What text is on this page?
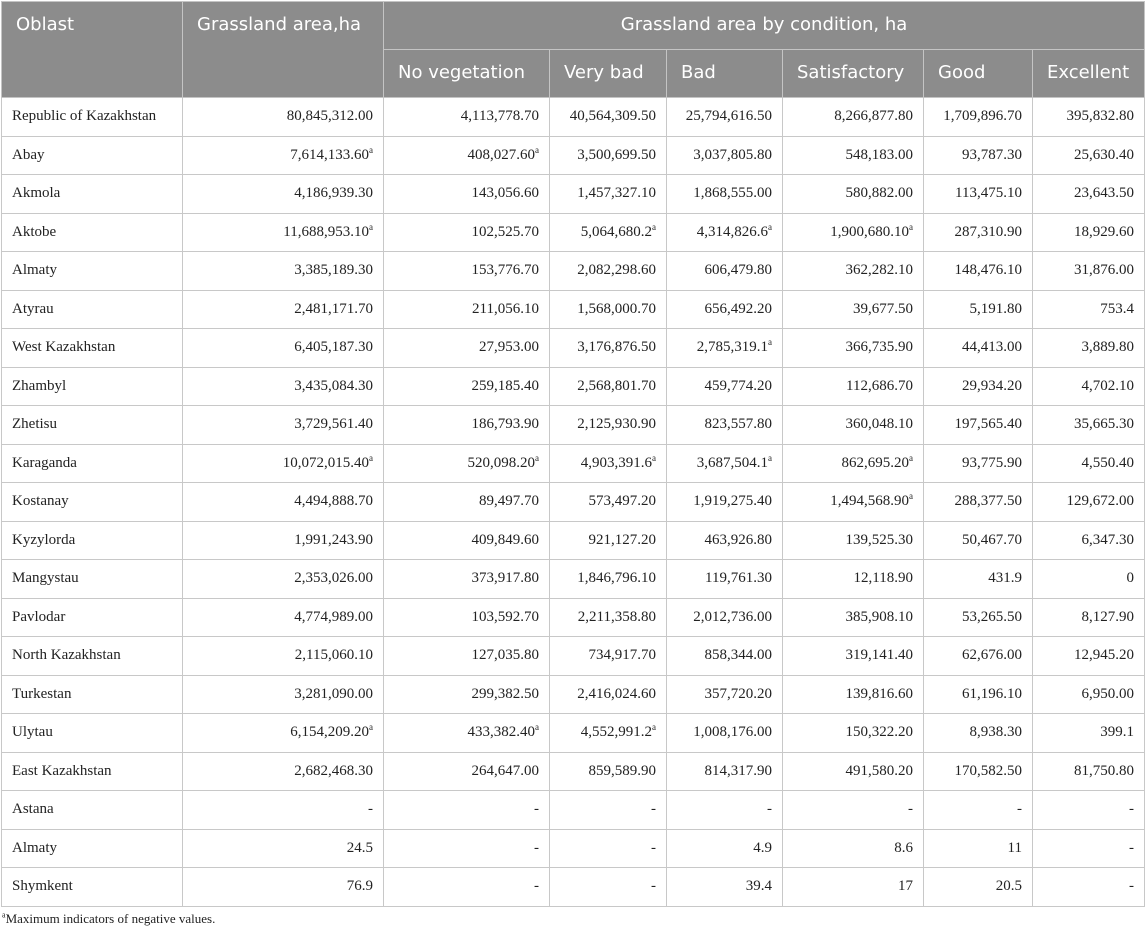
Oblast	Grassland area,ha	Grassland area by condition, ha					
		No vegetation	Very bad	Bad	Satisfactory	Good	Excellent
Republic of Kazakhstan	80,845,312.00	4,113,778.70	40,564,309.50	25,794,616.50	8,266,877.80	1,709,896.70	395,832.80
Abay	7,614,133.60$^a$	408,027.60$^a$	3,500,699.50	3,037,805.80	548,183.00	93,787.30	25,630.40
Akmola	4,186,939.30	143,056.60	1,457,327.10	1,868,555.00	580,882.00	113,475.10	23,643.50
Aktobe	11,688,953.10$^a$	102,525.70	5,064,680.2$^a$	4,314,826.6$^a$	1,900,680.10$^a$	287,310.90	18,929.60
Almaty	3,385,189.30	153,776.70	2,082,298.60	606,479.80	362,282.10	148,476.10	31,876.00
Atyrau	2,481,171.70	211,056.10	1,568,000.70	656,492.20	39,677.50	5,191.80	753.4
West Kazakhstan	6,405,187.30	27,953.00	3,176,876.50	2,785,319.1$^a$	366,735.90	44,413.00	3,889.80
Zhambyl	3,435,084.30	259,185.40	2,568,801.70	459,774.20	112,686.70	29,934.20	4,702.10
Zhetisu	3,729,561.40	186,793.90	2,125,930.90	823,557.80	360,048.10	197,565.40	35,665.30
Karaganda	10,072,015.40$^a$	520,098.20$^a$	4,903,391.6$^a$	3,687,504.1$^a$	862,695.20$^a$	93,775.90	4,550.40
Kostanay	4,494,888.70	89,497.70	573,497.20	1,919,275.40	1,494,568.90$^a$	288,377.50	129,672.00
Kyzylorda	1,991,243.90	409,849.60	921,127.20	463,926.80	139,525.30	50,467.70	6,347.30
Mangystau	2,353,026.00	373,917.80	1,846,796.10	119,761.30	12,118.90	431.9	0
Pavlodar	4,774,989.00	103,592.70	2,211,358.80	2,012,736.00	385,908.10	53,265.50	8,127.90
North Kazakhstan	2,115,060.10	127,035.80	734,917.70	858,344.00	319,141.40	62,676.00	12,945.20
Turkestan	3,281,090.00	299,382.50	2,416,024.60	357,720.20	139,816.60	61,196.10	6,950.00
Ulytau	6,154,209.20$^a$	433,382.40$^a$	4,552,991.2$^a$	1,008,176.00	150,322.20	8,938.30	399.1
East Kazakhstan	2,682,468.30	264,647.00	859,589.90	814,317.90	491,580.20	170,582.50	81,750.80
Astana	-	-	-	-	-	-	-
Almaty	24.5	-	-	4.9	8.6	11	-
Shymkent	76.9	-	-	39.4	17	20.5	-
$^a$Maximum indicators of negative values.
